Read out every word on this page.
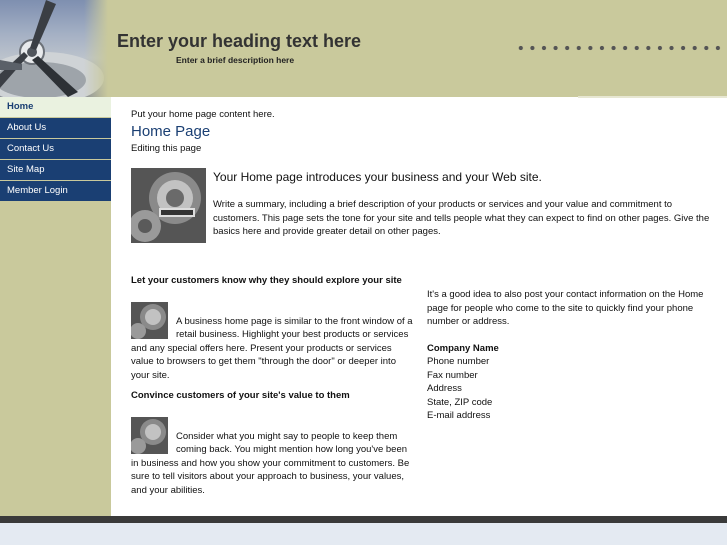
Enter your heading text here
Enter a brief description here
Home
About Us
Contact Us
Site Map
Member Login
Put your home page content here.
Home Page
Editing this page
Your Home page introduces your business and your Web site.
Write a summary, including a brief description of your products or services and your value and commitment to customers. This page sets the tone for your site and tells people what they can expect to find on other pages. Give the basics here and provide greater detail on other pages.

Let your customers know why they should explore your site

A business home page is similar to the front window of a retail business. Highlight your best products or services and any special offers here. Present your products or services value to browsers to get them "through the door" or deeper into your site.

Convince customers of your site's value to them

Consider what you might say to people to keep them coming back. You might mention how long you've been in business and how you show your commitment to customers. Be sure to tell visitors about your approach to business, your values, and your abilities.

It's a good idea to also post your contact information on the Home page for people who come to the site to quickly find your phone number or address.

Company Name
Phone number
Fax number
Address
State, ZIP code
E-mail address
